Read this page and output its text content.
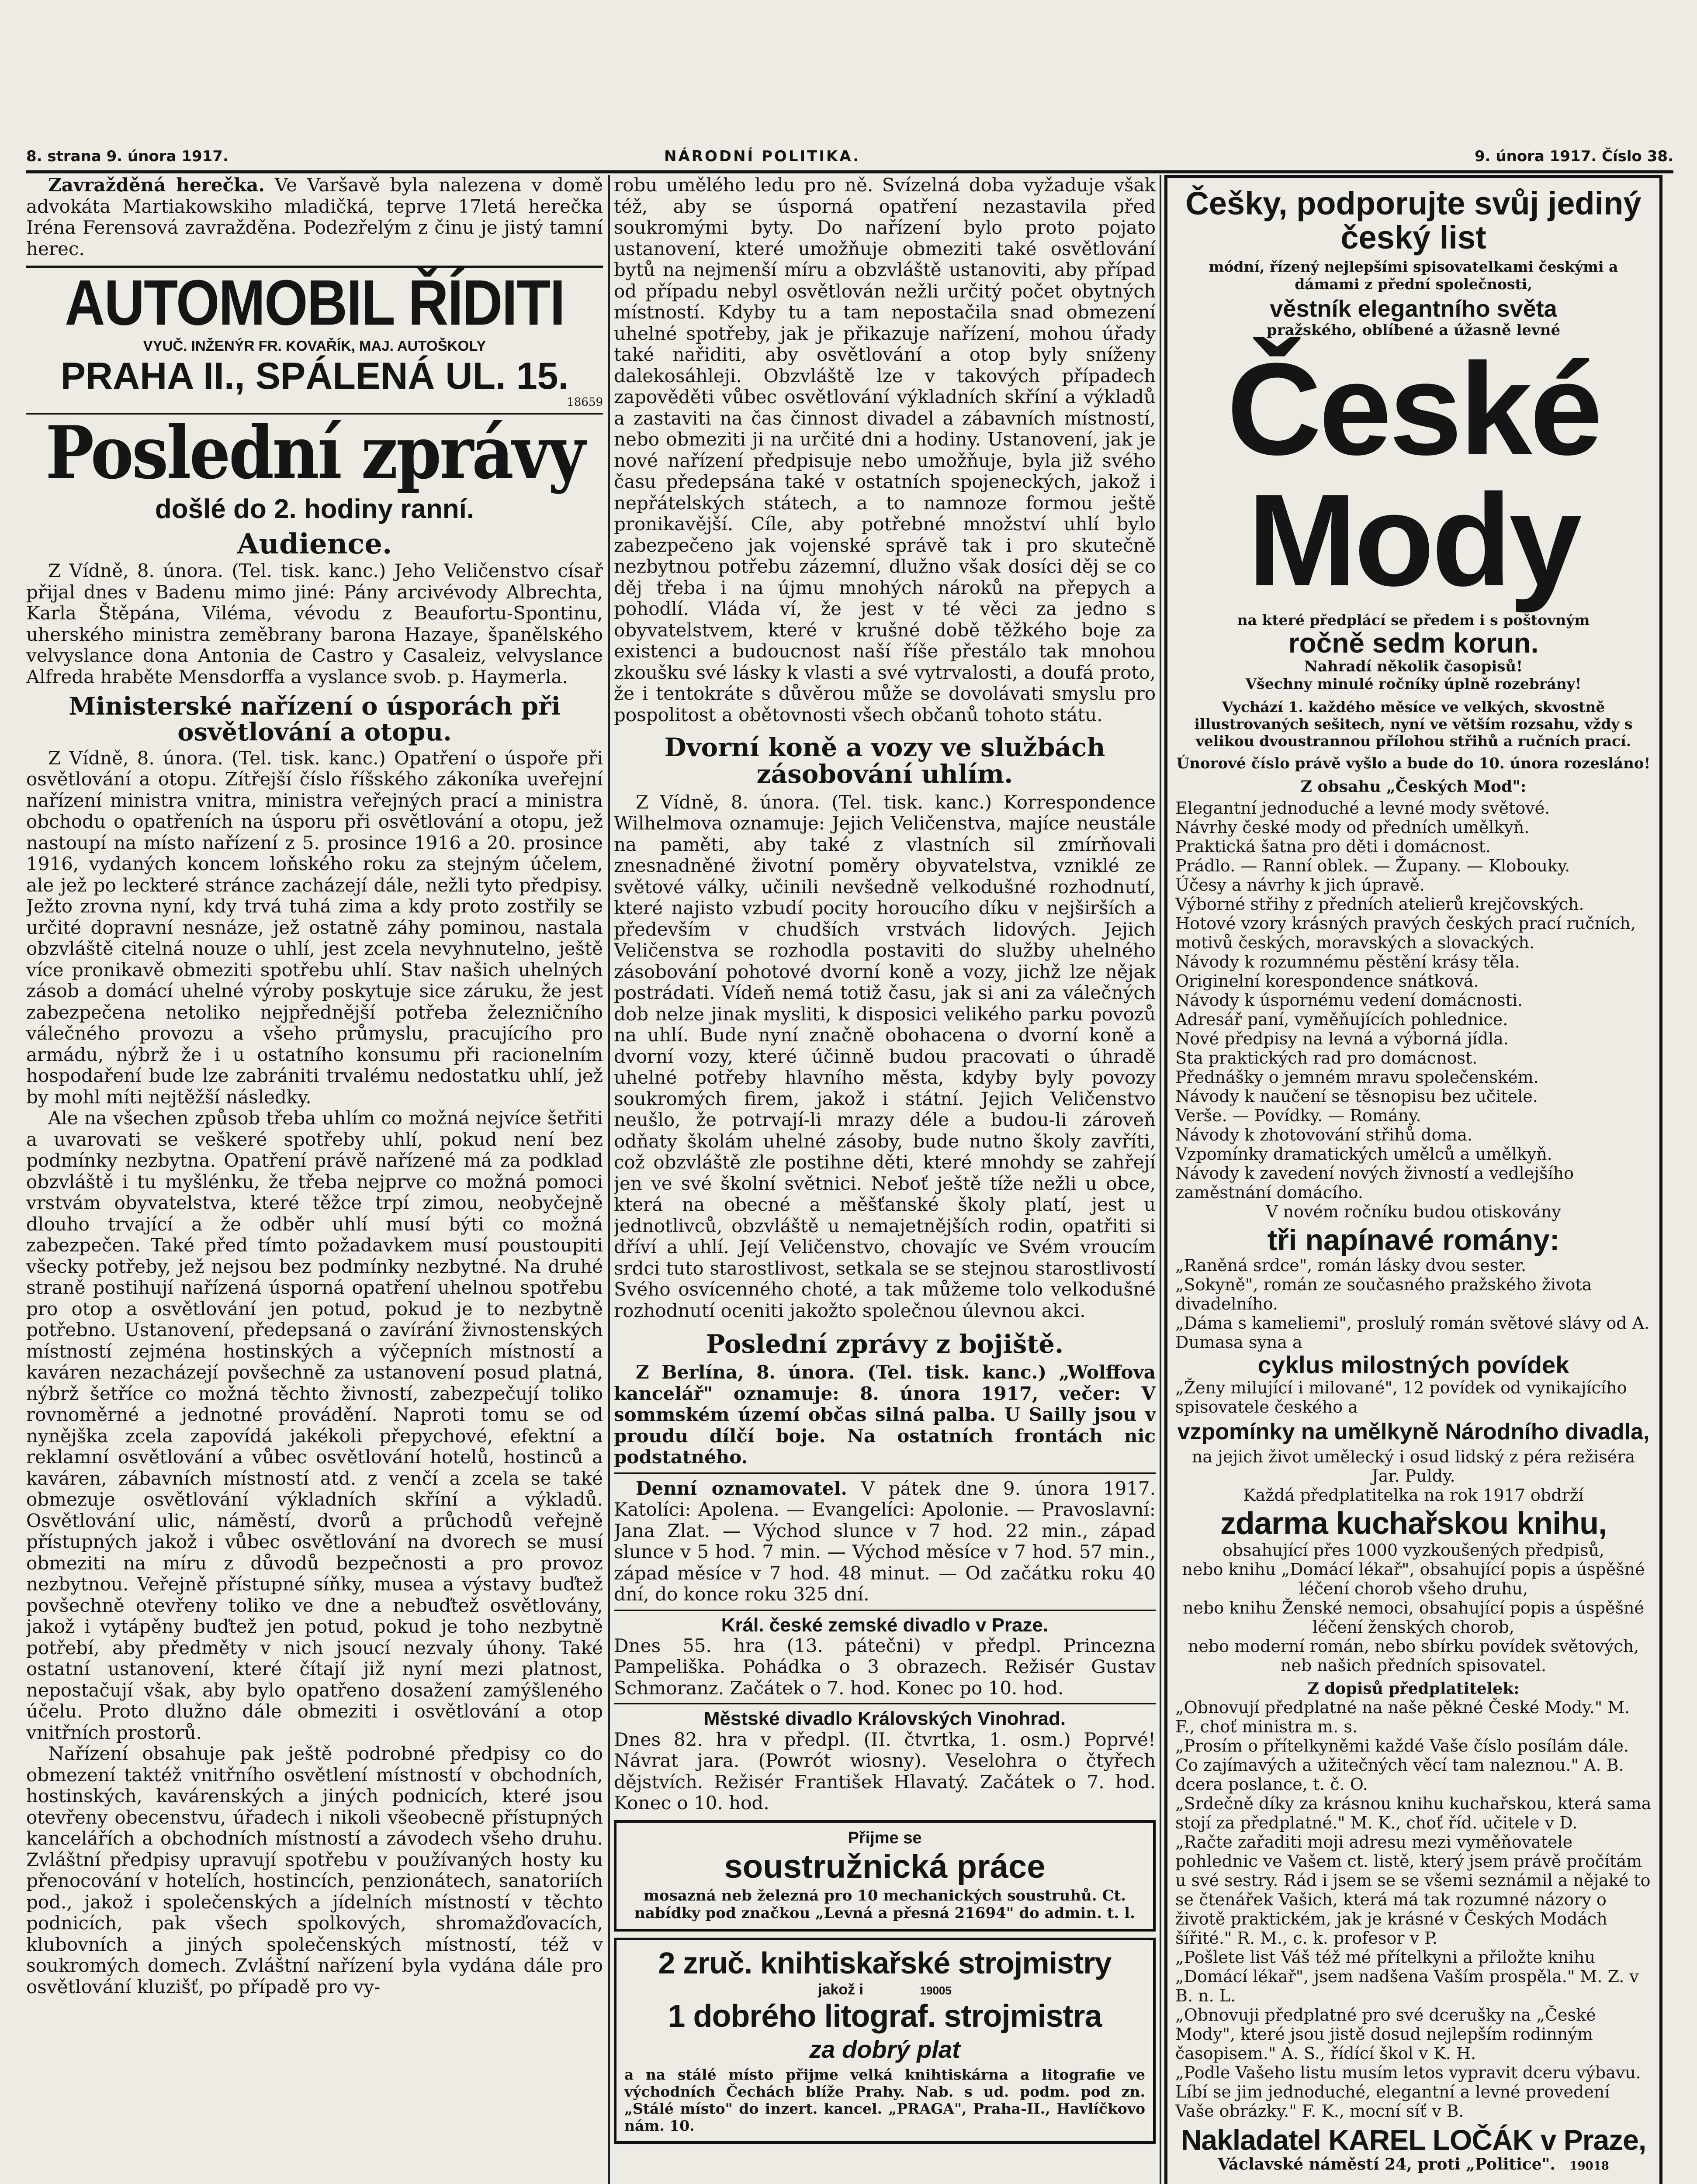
8. strana 9. února 1917.	NÁRODNÍ POLITIKA.	9. února 1917. Číslo 38.

Zavražděná herečka. Ve Varšavě byla nalezena v domě advokáta Martiakowskiho mladičká, teprve 17letá herečka Iréna Ferensová zavražděna. Podezřelým z činu je jistý tamní herec.

AUTOMOBIL ŘÍDITI

VYUČ. INŽENÝR FR. KOVAŘÍK, MAJ. AUTOŠKOLY

PRAHA II., SPÁLENÁ UL. 15.

18659

Poslední zprávy

došlé do 2. hodiny ranní.

Audience.

Z Vídně, 8. února. (Tel. tisk. kanc.) Jeho Veličenstvo císař přijal dnes v Badenu mimo jiné: Pány arcivévody Albrechta, Karla Štěpána, Viléma, vévodu z Beaufortu-Spontinu, uherského ministra zeměbrany barona Hazaye, španělského velvyslance dona Antonia de Castro y Casaleiz, velvyslance Alfreda hraběte Mensdorffa a vyslance svob. p. Haymerla.

Ministerské nařízení o úsporách při osvětlování a otopu.

Z Vídně, 8. února. (Tel. tisk. kanc.) Opatření o úspoře při osvětlování a otopu. Zítřejší číslo říšského zákoníka uveřejní nařízení ministra vnitra, ministra veřejných prací a ministra obchodu o opatřeních na úsporu při osvětlování a otopu, jež nastoupí na místo nařízení z 5. prosince 1916 a 20. prosince 1916, vydaných koncem loňského roku za stejným účelem, ale jež po leckteré stránce zacházejí dále, nežli tyto předpisy. Ježto zrovna nyní, kdy trvá tuhá zima a kdy proto zostřily se určité dopravní nesnáze, jež ostatně záhy pominou, nastala obzvláště citelná nouze o uhlí, jest zcela nevyhnutelno, ještě více pronikavě obmeziti spotřebu uhlí. Stav našich uhelných zásob a domácí uhelné výroby poskytuje sice záruku, že jest zabezpečena netoliko nejpřednější potřeba železničního válečného provozu a všeho průmyslu, pracujícího pro armádu, nýbrž že i u ostatního konsumu při racionelním hospodaření bude lze zabrániti trvalému nedostatku uhlí, jež by mohl míti nejtěžší následky.

Ale na všechen způsob třeba uhlím co možná nejvíce šetřiti a uvarovati se veškeré spotřeby uhlí, pokud není bez podmínky nezbytna. Opatření právě nařízené má za podklad obzvláště i tu myšlénku, že třeba nejprve co možná pomoci vrstvám obyvatelstva, které těžce trpí zimou, neobyčejně dlouho trvající a že odběr uhlí musí býti co možná zabezpečen. Také před tímto požadavkem musí poustoupiti všecky potřeby, jež nejsou bez podmínky nezbytné. Na druhé straně postihují nařízená úsporná opatření uhelnou spotřebu pro otop a osvětlování jen potud, pokud je to nezbytně potřebno. Ustanovení, předepsaná o zavírání živnostenských místností zejména hostinských a výčepních místností a kaváren nezacházejí povšechně za ustanovení posud platná, nýbrž šetříce co možná těchto živností, zabezpečují toliko rovnoměrné a jednotné provádění. Naproti tomu se od nynějška zcela zapovídá jakékoli přepychové, efektní a reklamní osvětlování a vůbec osvětlování hotelů, hostinců a kaváren, zábavních místností atd. z venčí a zcela se také obmezuje osvětlování výkladních skříní a výkladů. Osvětlování ulic, náměstí, dvorů a průchodů veřejně přístupných jakož i vůbec osvětlování na dvorech se musí obmeziti na míru z důvodů bezpečnosti a pro provoz nezbytnou. Veřejně přístupné síňky, musea a výstavy buďtež povšechně otevřeny toliko ve dne a nebuďtež osvětlovány, jakož i vytápěny buďtež jen potud, pokud je toho nezbytně potřebí, aby předměty v nich jsoucí nezvaly úhony. Také ostatní ustanovení, které čítají již nyní mezi platnost, nepostačují však, aby bylo opatřeno dosažení zamýšleného účelu. Proto dlužno dále obmeziti i osvětlování a otop vnitřních prostorů.

Nařízení obsahuje pak ještě podrobné předpisy co do obmezení taktéž vnitřního osvětlení místností v obchodních, hostinských, kavárenských a jiných podnicích, které jsou otevřeny obecenstvu, úřadech i nikoli všeobecně přístupných kancelářích a obchodních místností a závodech všeho druhu. Zvláštní předpisy upravují spotřebu v používaných hosty ku přenocování v hotelích, hostincích, penzionátech, sanatoriích pod., jakož i společenských a jídelních místností v těchto podnicích, pak všech spolkových, shromažďovacích, klubovních a jiných společenských místností, též v soukromých domech. Zvláštní nařízení byla vydána dále pro osvětlování kluzišť, po případě pro vy-

robu umělého ledu pro ně. Svízelná doba vyžaduje však též, aby se úsporná opatření nezastavila před soukromými byty. Do nařízení bylo proto pojato ustanovení, které umožňuje obmeziti také osvětlování bytů na nejmenší míru a obzvláště ustanoviti, aby případ od případu nebyl osvětlován nežli určitý počet obytných místností. Kdyby tu a tam nepostačila snad obmezení uhelné spotřeby, jak je přikazuje nařízení, mohou úřady také nařiditi, aby osvětlování a otop byly sníženy dalekosáhleji. Obzvláště lze v takových případech zapověděti vůbec osvětlování výkladních skříní a výkladů a zastaviti na čas činnost divadel a zábavních místností, nebo obmeziti ji na určité dni a hodiny. Ustanovení, jak je nové nařízení předpisuje nebo umožňuje, byla již svého času předepsána také v ostatních spojeneckých, jakož i nepřátelských státech, a to namnoze formou ještě pronikavější. Cíle, aby potřebné množství uhlí bylo zabezpečeno jak vojenské správě tak i pro skutečně nezbytnou potřebu zázemní, dlužno však dosíci děj se co děj třeba i na újmu mnohých nároků na přepych a pohodlí. Vláda ví, že jest v té věci za jedno s obyvatelstvem, které v krušné době těžkého boje za existenci a budoucnost naší říše přestálo tak mnohou zkoušku své lásky k vlasti a své vytrvalosti, a doufá proto, že i tentokráte s důvěrou může se dovolávati smyslu pro pospolitost a obětovnosti všech občanů tohoto státu.

Dvorní koně a vozy ve službách zásobování uhlím.

Z Vídně, 8. února. (Tel. tisk. kanc.) Korrespondence Wilhelmova oznamuje: Jejich Veličenstva, majíce neustále na paměti, aby také z vlastních sil zmírňovali znesnadněné životní poměry obyvatelstva, vzniklé ze světové války, učinili nevšedně velkodušné rozhodnutí, které najisto vzbudí pocity horoucího díku v nejširších a především v chudších vrstvách lidových. Jejich Veličenstva se rozhodla postaviti do služby uhelného zásobování pohotové dvorní koně a vozy, jichž lze nějak postrádati. Vídeň nemá totiž času, jak si ani za válečných dob nelze jinak mysliti, k disposici velikého parku povozů na uhlí. Bude nyní značně obohacena o dvorní koně a dvorní vozy, které účinně budou pracovati o úhradě uhelné potřeby hlavního města, kdyby byly povozy soukromých firem, jakož i státní. Jejich Veličenstvo neušlo, že potrvají-li mrazy déle a budou-li zároveň odňaty školám uhelné zásoby, bude nutno školy zavříti, což obzvláště zle postihne děti, které mnohdy se zahřejí jen ve své školní světnici. Neboť ještě tíže nežli u obce, která na obecné a měšťanské školy platí, jest u jednotlivců, obzvláště u nemajetnějších rodin, opatřiti si dříví a uhlí. Její Veličenstvo, chovajíc ve Svém vroucím srdci tuto starostlivost, setkala se se stejnou starostlivostí Svého osvícenného choté, a tak můžeme tolo velkodušné rozhodnutí oceniti jakožto společnou úlevnou akci.

Poslední zprávy z bojiště.

Z Berlína, 8. února. (Tel. tisk. kanc.) „Wolffova kancelář" oznamuje: 8. února 1917, večer: V sommském území občas silná palba. U Sailly jsou v proudu dílčí boje. Na ostatních frontách nic podstatného.

Denní oznamovatel. V pátek dne 9. února 1917. Katolíci: Apolena. — Evangelíci: Apolonie. — Pravoslavní: Jana Zlat. — Východ slunce v 7 hod. 22 min., západ slunce v 5 hod. 7 min. — Východ měsíce v 7 hod. 57 min., západ měsíce v 7 hod. 48 minut. — Od začátku roku 40 dní, do konce roku 325 dní.

Král. české zemské divadlo v Praze.

Dnes 55. hra (13. pátečni) v předpl. Princezna Pampeliška. Pohádka o 3 obrazech. Režisér Gustav Schmoranz. Začátek o 7. hod. Konec po 10. hod.

Městské divadlo Královských Vinohrad.

Dnes 82. hra v předpl. (II. čtvrtka, 1. osm.) Poprvé! Návrat jara. (Powrót wiosny). Veselohra o čtyřech dějstvích. Režisér František Hlavatý. Začátek o 7. hod. Konec o 10. hod.

Přijme se

soustružnická práce

mosazná neb železná pro 10 mechanických soustruhů. Ct. nabídky pod značkou „Levná a přesná 21694" do admin. t. l.

2 zruč. knihtiskařské strojmistry

jakož i	19005

1 dobrého litograf. strojmistra

za dobrý plat

a na stálé místo přijme velká knihtiskárna a litografie ve východních Čechách blíže Prahy. Nab. s ud. podm. pod zn. „Stálé místo" do inzert. kancel. „PRAGA", Praha-II., Havlíčkovo nám. 10.

Češky, podporujte svůj jediný český list

módní, řízený nejlepšími spisovatelkami českými a dámami z přední společnosti,

věstník elegantního světa

pražského, oblíbené a úžasně levné

České

Mody

na které předplácí se předem i s poštovným

ročně sedm korun.

Nahradí několik časopisů!

Všechny minulé ročníky úplně rozebrány!

Vychází 1. každého měsíce ve velkých, skvostně illustrovaných sešitech, nyní ve větším rozsahu, vždy s velikou dvoustrannou přílohou střihů a ručních prací.

Únorové číslo právě vyšlo a bude do 10. února rozesláno!

Z obsahu „Českých Mod":

Elegantní jednoduché a levné mody světové.

Návrhy české mody od předních umělkyň.

Praktická šatna pro děti i domácnost.

Prádlo. — Ranní oblek. — Župany. — Klobouky.

Účesy a návrhy k jich úpravě.

Výborné střihy z předních atelierů krejčovských.

Hotové vzory krásných pravých českých prací ručních, motivů českých, moravských a slovackých.

Návody k rozumnému pěstění krásy těla.

Originelní korespondence snátková.

Návody k úspornému vedení domácnosti.

Adresář paní, vyměňujících pohlednice.

Nové předpisy na levná a výborná jídla.

Sta praktických rad pro domácnost.

Přednášky o jemném mravu společenském.

Návody k naučení se těsnopisu bez učitele.

Verše. — Povídky. — Romány.

Návody k zhotovování střihů doma.

Vzpomínky dramatických umělců a umělkyň.

Návody k zavedení nových živností a vedlejšího zaměstnání domácího.

V novém ročníku budou otiskovány

tři napínavé romány:

„Raněná srdce", román lásky dvou sester.

„Sokyně", román ze současného pražského života divadelního.

„Dáma s kameliemi", proslulý román světové slávy od A. Dumasa syna a

cyklus milostných povídek

„Ženy milující i milované", 12 povídek od vynikajícího spisovatele českého a

vzpomínky na umělkyně Národního divadla,

na jejich život umělecký i osud lidský z péra režiséra Jar. Puldy.

Každá předplatitelka na rok 1917 obdrží

zdarma kuchařskou knihu,

obsahující přes 1000 vyzkoušených předpisů,

nebo knihu „Domácí lékař", obsahující popis a úspěšné léčení chorob všeho druhu,

nebo knihu Ženské nemoci, obsahující popis a úspěšné léčení ženských chorob,

nebo moderní román, nebo sbírku povídek světových, neb našich předních spisovatel.

Z dopisů předplatitelek:

„Obnovují předplatné na naše pěkné České Mody." M. F., choť ministra m. s.

„Prosím o přítelkyněmi každé Vaše číslo posílám dále. Co zajímavých a užitečných věcí tam naleznou." A. B. dcera poslance, t. č. O.

„Srdečně díky za krásnou knihu kuchařskou, která sama stojí za předplatné." M. K., choť říd. učitele v D.

„Račte zařaditi moji adresu mezi vyměňovatele pohlednic ve Vašem ct. listě, který jsem právě pročítám u své sestry. Rád i jsem se se všemi seznámil a nějaké to se čtenářek Vašich, která má tak rozumné názory o životě praktickém, jak je krásné v Českých Modách šířité." R. M., c. k. profesor v P.

„Pošlete list Váš též mé přítelkyni a přiložte knihu „Domácí lékař", jsem nadšena Vaším prospěla." M. Z. v B. n. L.

„Obnovuji předplatné pro své dcerušky na „České Mody", které jsou jistě dosud nejlepším rodinným časopisem." A. S., řídící škol v K. H.

„Podle Vašeho listu musím letos vypravit dceru výbavu. Líbí se jim jednoduché, elegantní a levné provedení Vaše obrázky." F. K., mocní síť v B.

Nakladatel KAREL LOČÁK v Praze,

Václavské náměstí 24, proti „Politice". 19018
